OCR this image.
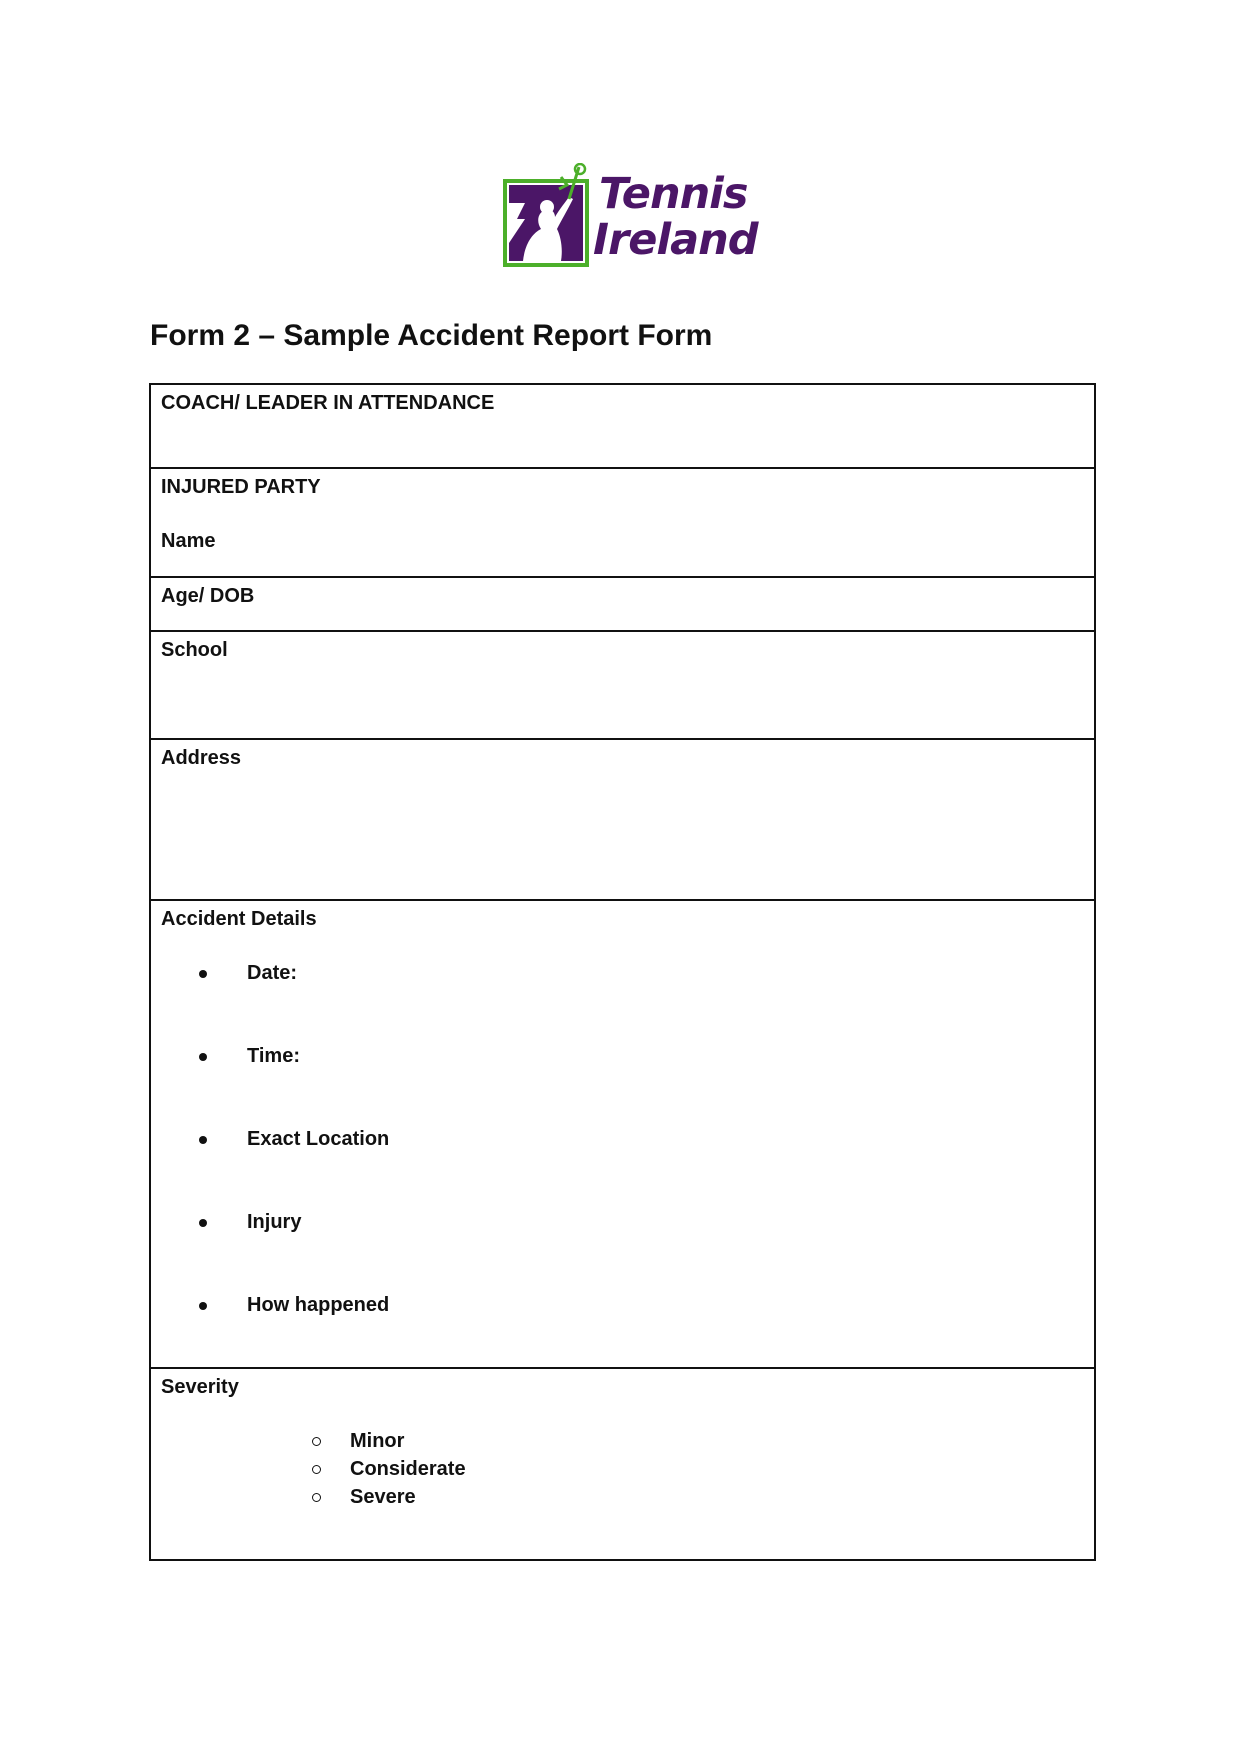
Tennis
Ireland
Form 2 – Sample Accident Report Form
COACH/ LEADER IN ATTENDANCE

INJURED PARTY
Name

Age/ DOB

School

Address

Accident Details
Date:
Time:
Exact Location
Injury
How happened

Severity
Minor
Considerate
Severe
